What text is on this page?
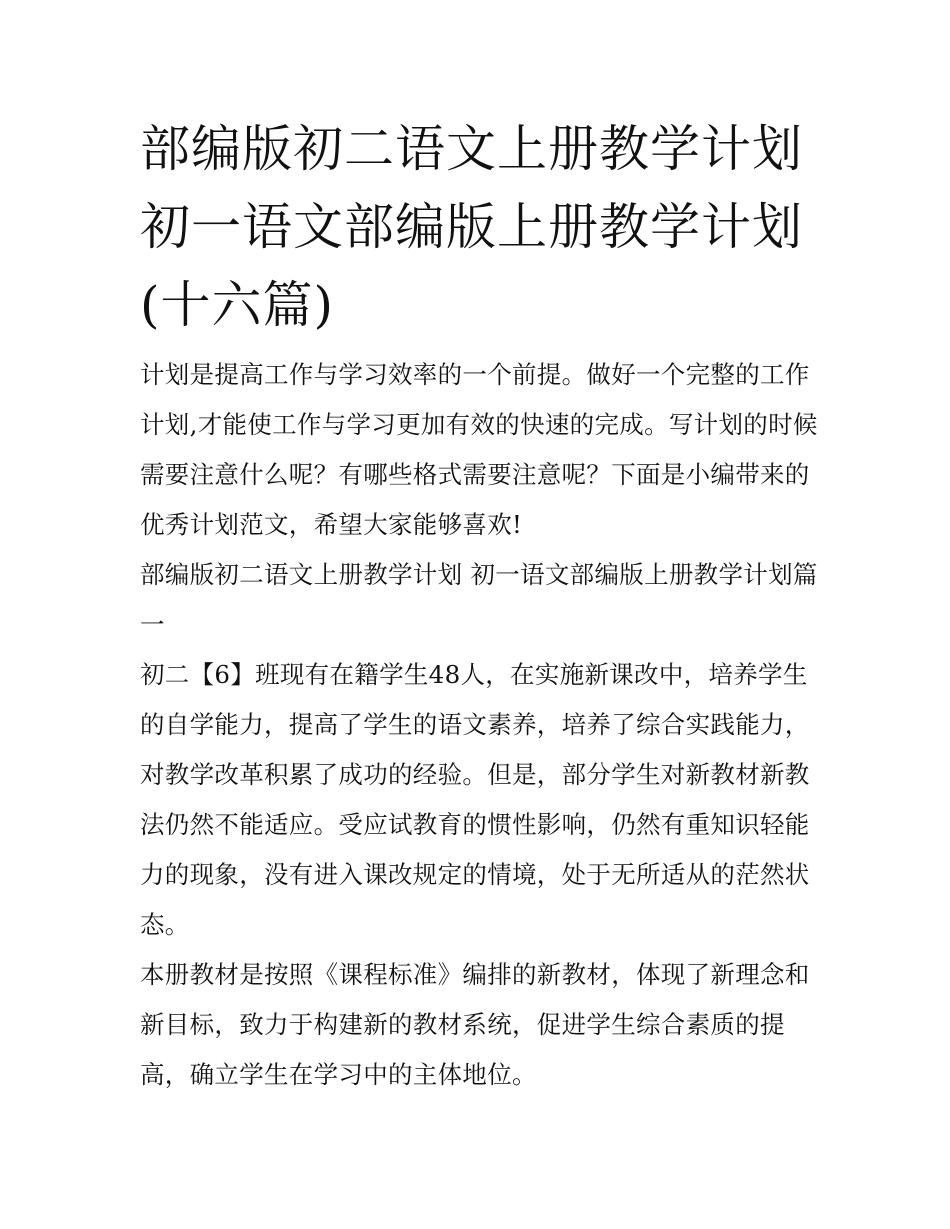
部编版初二语文上册教学计划初一语文部编版上册教学计划(十六篇)

计划是提高工作与学习效率的一个前提。做好一个完整的工作计划,才能使工作与学习更加有效的快速的完成。写计划的时候需要注意什么呢？有哪些格式需要注意呢？下面是小编带来的优秀计划范文，希望大家能够喜欢!

部编版初二语文上册教学计划 初一语文部编版上册教学计划篇一

初二【6】班现有在籍学生48人，在实施新课改中，培养学生的自学能力，提高了学生的语文素养，培养了综合实践能力，对教学改革积累了成功的经验。但是，部分学生对新教材新教法仍然不能适应。受应试教育的惯性影响，仍然有重知识轻能力的现象，没有进入课改规定的情境，处于无所适从的茫然状态。

本册教材是按照《课程标准》编排的新教材，体现了新理念和新目标，致力于构建新的教材系统，促进学生综合素质的提高，确立学生在学习中的主体地位。
